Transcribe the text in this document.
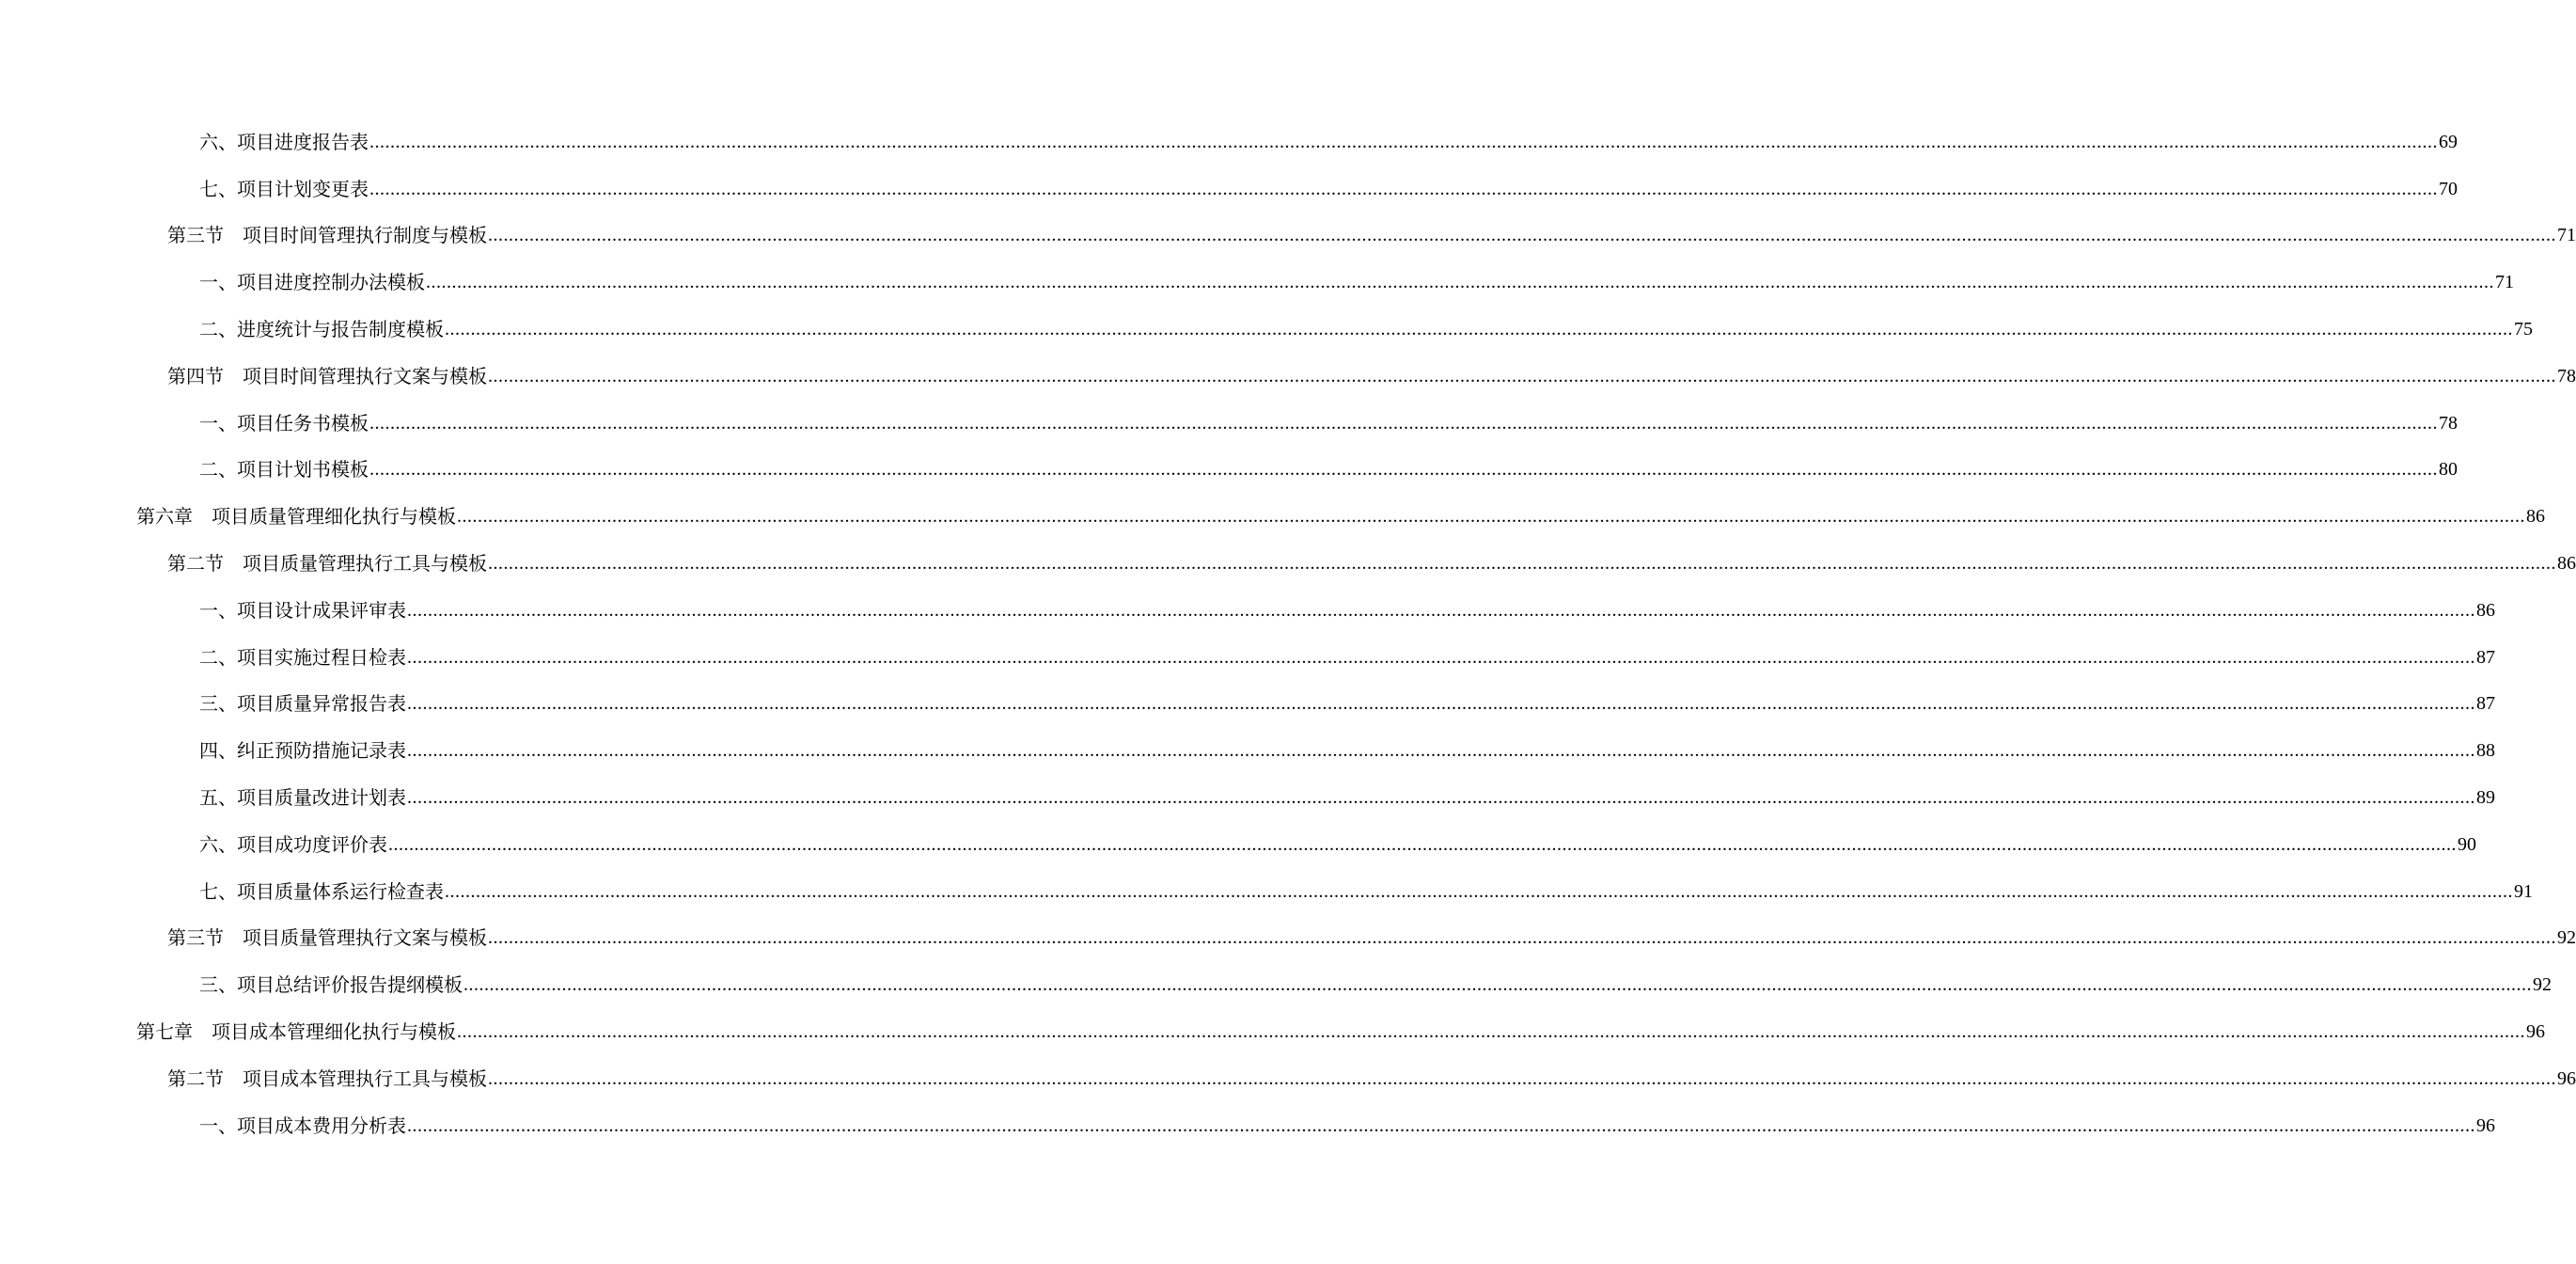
六、项目进度报告表 ................................................................................................................................................................................................................................................................................................................................................................................................................ 69
七、项目计划变更表 ................................................................................................................................................................................................................................................................................................................................................................................................................ 70
第三节　项目时间管理执行制度与模板 ................................................................................................................................................................................................................................................................................................................................................................................................................ 71
一、项目进度控制办法模板 ................................................................................................................................................................................................................................................................................................................................................................................................................ 71
二、进度统计与报告制度模板 ................................................................................................................................................................................................................................................................................................................................................................................................................ 75
第四节　项目时间管理执行文案与模板 ................................................................................................................................................................................................................................................................................................................................................................................................................ 78
一、项目任务书模板 ................................................................................................................................................................................................................................................................................................................................................................................................................ 78
二、项目计划书模板 ................................................................................................................................................................................................................................................................................................................................................................................................................ 80
第六章　项目质量管理细化执行与模板 ................................................................................................................................................................................................................................................................................................................................................................................................................ 86
第二节　项目质量管理执行工具与模板 ................................................................................................................................................................................................................................................................................................................................................................................................................ 86
一、项目设计成果评审表 ................................................................................................................................................................................................................................................................................................................................................................................................................ 86
二、项目实施过程日检表 ................................................................................................................................................................................................................................................................................................................................................................................................................ 87
三、项目质量异常报告表 ................................................................................................................................................................................................................................................................................................................................................................................................................ 87
四、纠正预防措施记录表 ................................................................................................................................................................................................................................................................................................................................................................................................................ 88
五、项目质量改进计划表 ................................................................................................................................................................................................................................................................................................................................................................................................................ 89
六、项目成功度评价表 ................................................................................................................................................................................................................................................................................................................................................................................................................ 90
七、项目质量体系运行检查表 ................................................................................................................................................................................................................................................................................................................................................................................................................ 91
第三节　项目质量管理执行文案与模板 ................................................................................................................................................................................................................................................................................................................................................................................................................ 92
三、项目总结评价报告提纲模板 ................................................................................................................................................................................................................................................................................................................................................................................................................ 92
第七章　项目成本管理细化执行与模板 ................................................................................................................................................................................................................................................................................................................................................................................................................ 96
第二节　项目成本管理执行工具与模板 ................................................................................................................................................................................................................................................................................................................................................................................................................ 96
一、项目成本费用分析表 ................................................................................................................................................................................................................................................................................................................................................................................................................ 96
